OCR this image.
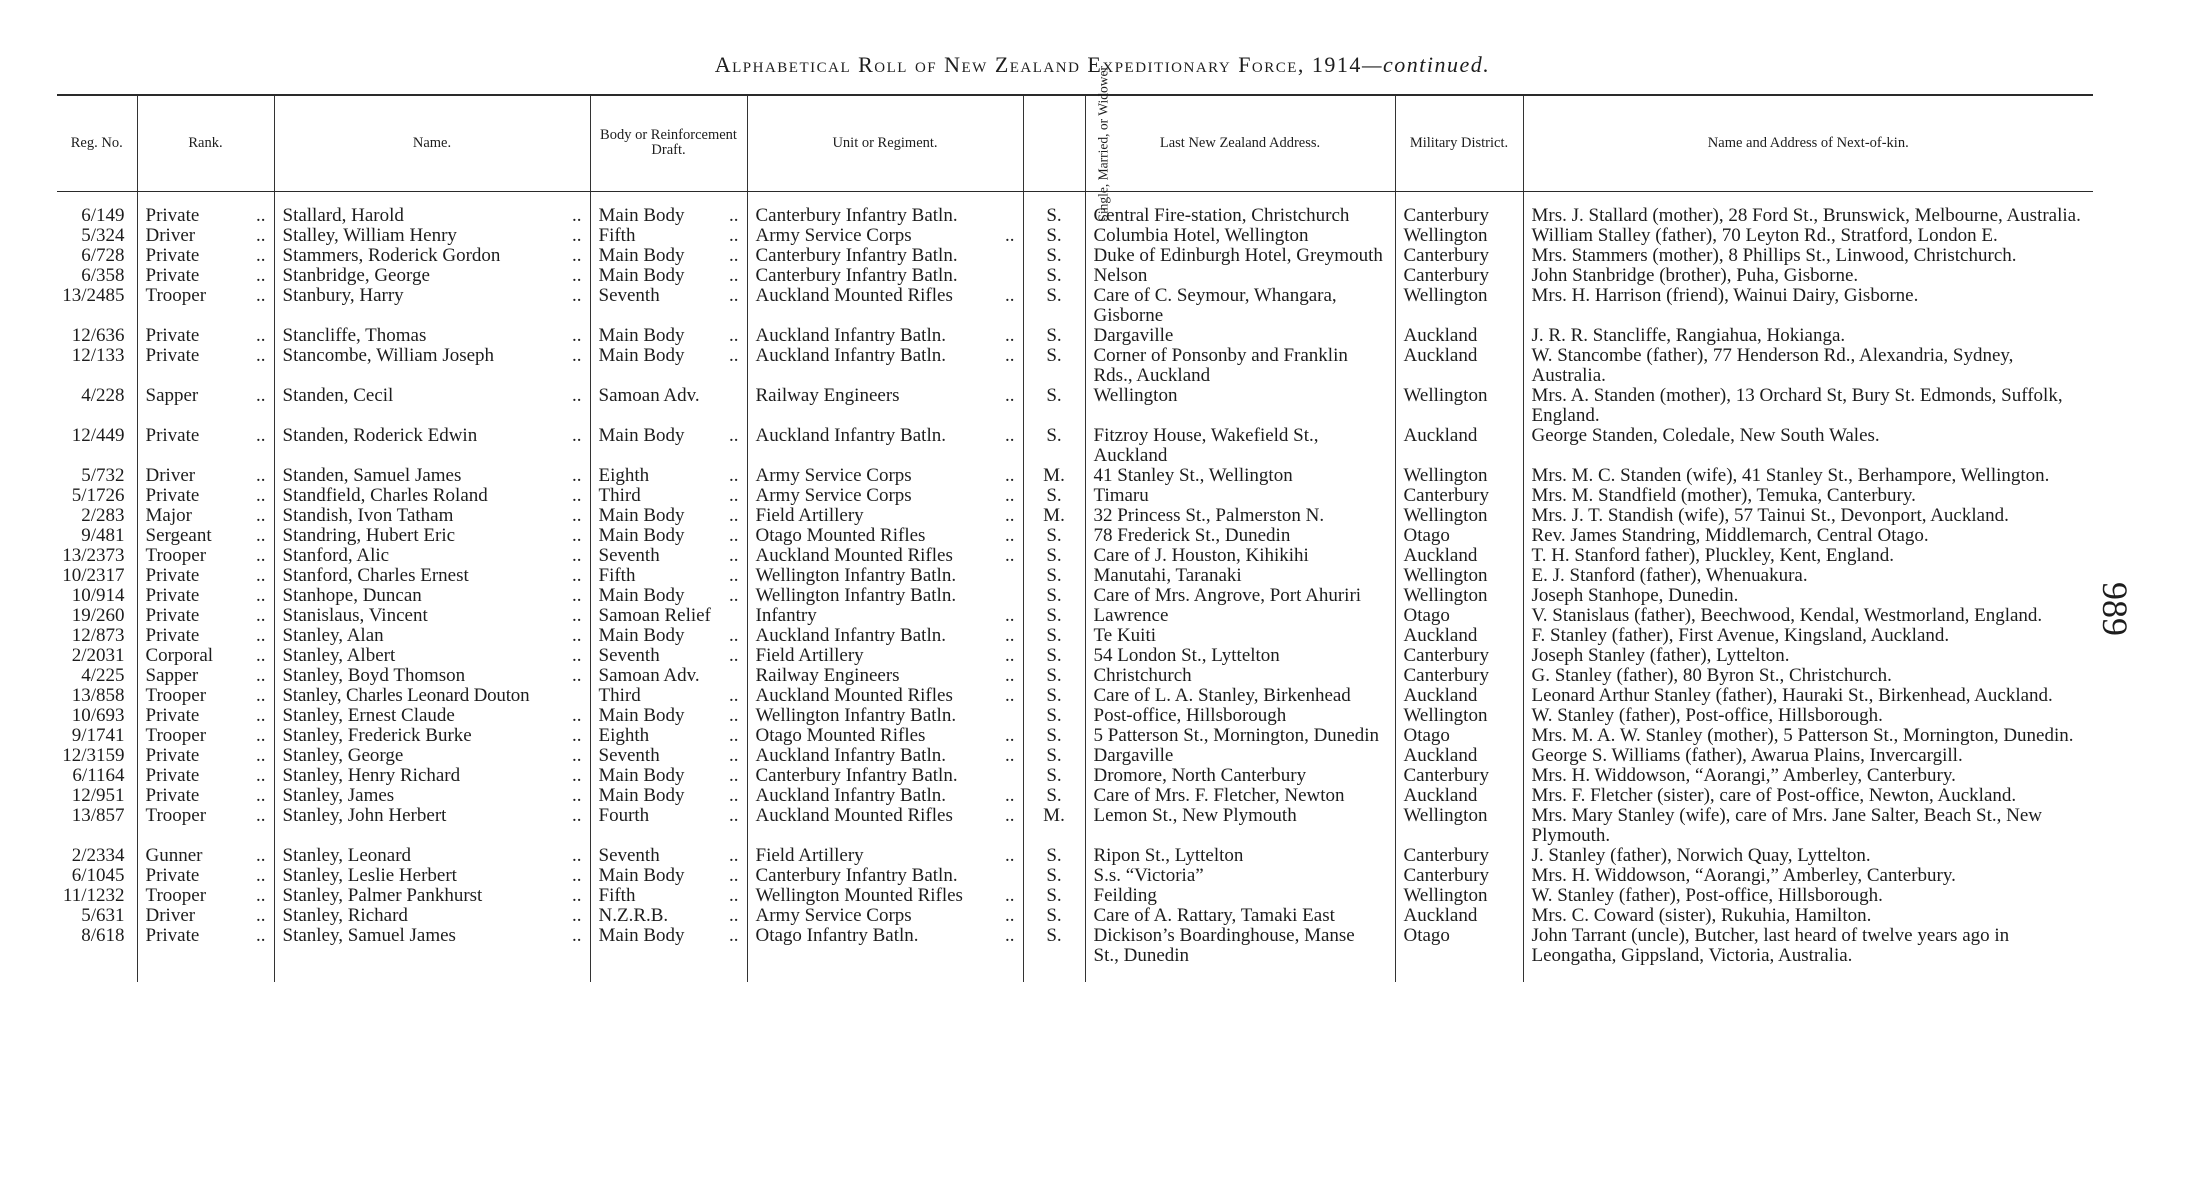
Alphabetical Roll of New Zealand Expeditionary Force, 1914—continued.
989
Reg. No.	Rank.	Name.	Body or Reinforcement Draft.	Unit or Regiment.	Single, Married, or Widower.	Last New Zealand Address.	Military District.	Name and Address of Next-of-kin.

6/149	Private ..	Stallard, Harold ..	Main Body ..	Canterbury Infantry Batln.	S.	Central Fire-station, Christchurch	Canterbury	Mrs. J. Stallard (mother), 28 Ford St., Brunswick, Melbourne, Australia.
5/324	Driver ..	Stalley, William Henry ..	Fifth ..	Army Service Corps ..	S.	Columbia Hotel, Wellington	Wellington	William Stalley (father), 70 Leyton Rd., Stratford, London E.
6/728	Private ..	Stammers, Roderick Gordon ..	Main Body ..	Canterbury Infantry Batln.	S.	Duke of Edinburgh Hotel, Greymouth	Canterbury	Mrs. Stammers (mother), 8 Phillips St., Linwood, Christchurch.
6/358	Private ..	Stanbridge, George ..	Main Body ..	Canterbury Infantry Batln.	S.	Nelson	Canterbury	John Stanbridge (brother), Puha, Gisborne.
13/2485	Trooper ..	Stanbury, Harry ..	Seventh ..	Auckland Mounted Rifles ..	S.	Care of C. Seymour, Whangara, Gisborne	Wellington	Mrs. H. Harrison (friend), Wainui Dairy, Gisborne.
12/636	Private ..	Stancliffe, Thomas ..	Main Body ..	Auckland Infantry Batln. ..	S.	Dargaville	Auckland	J. R. R. Stancliffe, Rangiahua, Hokianga.
12/133	Private ..	Stancombe, William Joseph ..	Main Body ..	Auckland Infantry Batln. ..	S.	Corner of Ponsonby and Franklin Rds., Auckland	Auckland	W. Stancombe (father), 77 Henderson Rd., Alexandria, Sydney, Australia.
4/228	Sapper ..	Standen, Cecil ..	Samoan Adv.	Railway Engineers ..	S.	Wellington	Wellington	Mrs. A. Standen (mother), 13 Orchard St, Bury St. Edmonds, Suffolk, England.
12/449	Private ..	Standen, Roderick Edwin ..	Main Body ..	Auckland Infantry Batln. ..	S.	Fitzroy House, Wakefield St., Auckland	Auckland	George Standen, Coledale, New South Wales.
5/732	Driver ..	Standen, Samuel James ..	Eighth ..	Army Service Corps ..	M.	41 Stanley St., Wellington	Wellington	Mrs. M. C. Standen (wife), 41 Stanley St., Berhampore, Wellington.
5/1726	Private ..	Standfield, Charles Roland ..	Third ..	Army Service Corps ..	S.	Timaru	Canterbury	Mrs. M. Standfield (mother), Temuka, Canterbury.
2/283	Major ..	Standish, Ivon Tatham ..	Main Body ..	Field Artillery ..	M.	32 Princess St., Palmerston N.	Wellington	Mrs. J. T. Standish (wife), 57 Tainui St., Devonport, Auckland.
9/481	Sergeant ..	Standring, Hubert Eric ..	Main Body ..	Otago Mounted Rifles ..	S.	78 Frederick St., Dunedin	Otago	Rev. James Standring, Middlemarch, Central Otago.
13/2373	Trooper ..	Stanford, Alic ..	Seventh ..	Auckland Mounted Rifles ..	S.	Care of J. Houston, Kihikihi	Auckland	T. H. Stanford father), Pluckley, Kent, England.
10/2317	Private ..	Stanford, Charles Ernest ..	Fifth ..	Wellington Infantry Batln.	S.	Manutahi, Taranaki	Wellington	E. J. Stanford (father), Whenuakura.
10/914	Private ..	Stanhope, Duncan ..	Main Body ..	Wellington Infantry Batln.	S.	Care of Mrs. Angrove, Port Ahuriri	Wellington	Joseph Stanhope, Dunedin.
19/260	Private ..	Stanislaus, Vincent ..	Samoan Relief	Infantry ..	S.	Lawrence	Otago	V. Stanislaus (father), Beechwood, Kendal, Westmorland, England.
12/873	Private ..	Stanley, Alan ..	Main Body ..	Auckland Infantry Batln. ..	S.	Te Kuiti	Auckland	F. Stanley (father), First Avenue, Kingsland, Auckland.
2/2031	Corporal ..	Stanley, Albert ..	Seventh ..	Field Artillery ..	S.	54 London St., Lyttelton	Canterbury	Joseph Stanley (father), Lyttelton.
4/225	Sapper ..	Stanley, Boyd Thomson ..	Samoan Adv.	Railway Engineers ..	S.	Christchurch	Canterbury	G. Stanley (father), 80 Byron St., Christchurch.
13/858	Trooper ..	Stanley, Charles Leonard Douton	Third ..	Auckland Mounted Rifles ..	S.	Care of L. A. Stanley, Birkenhead	Auckland	Leonard Arthur Stanley (father), Hauraki St., Birkenhead, Auckland.
10/693	Private ..	Stanley, Ernest Claude ..	Main Body ..	Wellington Infantry Batln.	S.	Post-office, Hillsborough	Wellington	W. Stanley (father), Post-office, Hillsborough.
9/1741	Trooper ..	Stanley, Frederick Burke ..	Eighth ..	Otago Mounted Rifles ..	S.	5 Patterson St., Mornington, Dunedin	Otago	Mrs. M. A. W. Stanley (mother), 5 Patterson St., Mornington, Dunedin.
12/3159	Private ..	Stanley, George ..	Seventh ..	Auckland Infantry Batln. ..	S.	Dargaville	Auckland	George S. Williams (father), Awarua Plains, Invercargill.
6/1164	Private ..	Stanley, Henry Richard ..	Main Body ..	Canterbury Infantry Batln.	S.	Dromore, North Canterbury	Canterbury	Mrs. H. Widdowson, “Aorangi,” Amberley, Canterbury.
12/951	Private ..	Stanley, James ..	Main Body ..	Auckland Infantry Batln. ..	S.	Care of Mrs. F. Fletcher, Newton	Auckland	Mrs. F. Fletcher (sister), care of Post-office, Newton, Auckland.
13/857	Trooper ..	Stanley, John Herbert ..	Fourth ..	Auckland Mounted Rifles ..	M.	Lemon St., New Plymouth	Wellington	Mrs. Mary Stanley (wife), care of Mrs. Jane Salter, Beach St., New Plymouth.
2/2334	Gunner ..	Stanley, Leonard ..	Seventh ..	Field Artillery ..	S.	Ripon St., Lyttelton	Canterbury	J. Stanley (father), Norwich Quay, Lyttelton.
6/1045	Private ..	Stanley, Leslie Herbert ..	Main Body ..	Canterbury Infantry Batln.	S.	S.s. “Victoria”	Canterbury	Mrs. H. Widdowson, “Aorangi,” Amberley, Canterbury.
11/1232	Trooper ..	Stanley, Palmer Pankhurst ..	Fifth ..	Wellington Mounted Rifles ..	S.	Feilding	Wellington	W. Stanley (father), Post-office, Hillsborough.
5/631	Driver ..	Stanley, Richard ..	N.Z.R.B. ..	Army Service Corps ..	S.	Care of A. Rattary, Tamaki East	Auckland	Mrs. C. Coward (sister), Rukuhia, Hamilton.
8/618	Private ..	Stanley, Samuel James ..	Main Body ..	Otago Infantry Batln. ..	S.	Dickison’s Boardinghouse, Manse St., Dunedin	Otago	John Tarrant (uncle), Butcher, last heard of twelve years ago in Leongatha, Gippsland, Victoria, Australia.
